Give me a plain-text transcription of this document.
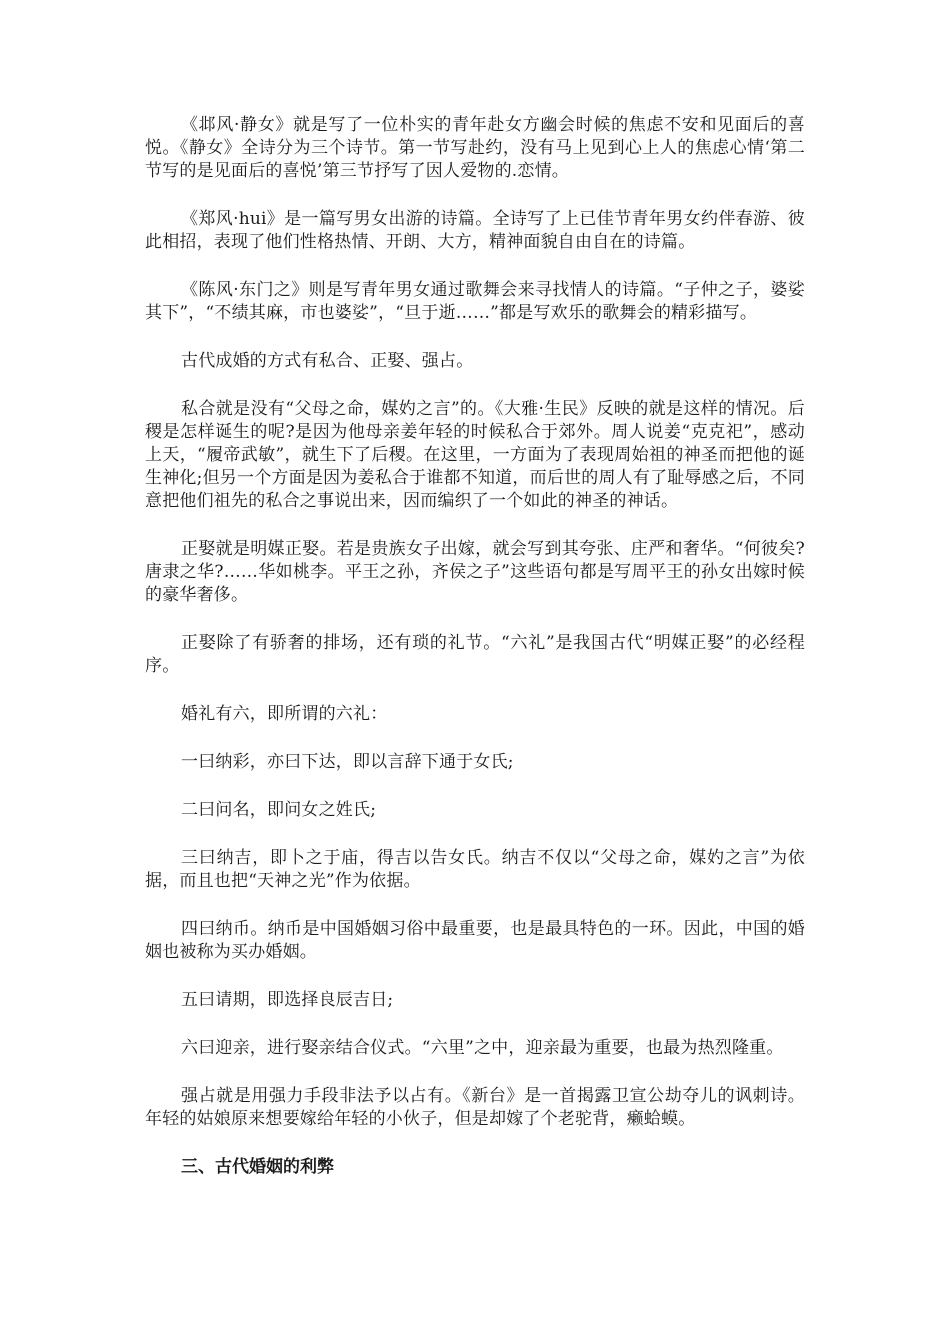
《邶风·静女》就是写了一位朴实的青年赴女方幽会时候的焦虑不安和见面后的喜悦。《静女》全诗分为三个诗节。第一节写赴约，没有马上见到心上人的焦虑心情‘第二节写的是见面后的喜悦’第三节抒写了因人爱物的.恋情。

《郑风·hui》是一篇写男女出游的诗篇。全诗写了上已佳节青年男女约伴春游、彼此相招，表现了他们性格热情、开朗、大方，精神面貌自由自在的诗篇。

《陈风·东门之》则是写青年男女通过歌舞会来寻找情人的诗篇。“子仲之子，婆娑其下”，“不绩其麻，市也婆娑”，“旦于逝……”都是写欢乐的歌舞会的精彩描写。

古代成婚的方式有私合、正娶、强占。

私合就是没有“父母之命，媒妁之言”的。《大雅·生民》反映的就是这样的情况。后稷是怎样诞生的呢?是因为他母亲姜年轻的时候私合于郊外。周人说姜“克克祀”，感动上天，“履帝武敏”，就生下了后稷。在这里，一方面为了表现周始祖的神圣而把他的诞生神化;但另一个方面是因为姜私合于谁都不知道，而后世的周人有了耻辱感之后，不同意把他们祖先的私合之事说出来，因而编织了一个如此的神圣的神话。

正娶就是明媒正娶。若是贵族女子出嫁，就会写到其夸张、庄严和奢华。“何彼矣?唐隶之华?……华如桃李。平王之孙，齐侯之子”这些语句都是写周平王的孙女出嫁时候的豪华奢侈。

正娶除了有骄奢的排场，还有琐的礼节。“六礼”是我国古代“明媒正娶”的必经程序。

婚礼有六，即所谓的六礼：

一曰纳彩，亦曰下达，即以言辞下通于女氏;

二曰问名，即问女之姓氏;

三曰纳吉，即卜之于庙，得吉以告女氏。纳吉不仅以“父母之命，媒妁之言”为依据，而且也把“天神之光”作为依据。

四曰纳币。纳币是中国婚姻习俗中最重要，也是最具特色的一环。因此，中国的婚姻也被称为买办婚姻。

五曰请期，即选择良辰吉日;

六曰迎亲，进行娶亲结合仪式。“六里”之中，迎亲最为重要，也最为热烈隆重。

强占就是用强力手段非法予以占有。《新台》是一首揭露卫宣公劫夺儿的讽刺诗。年轻的姑娘原来想要嫁给年轻的小伙子，但是却嫁了个老驼背，癞蛤蟆。

三、古代婚姻的利弊
